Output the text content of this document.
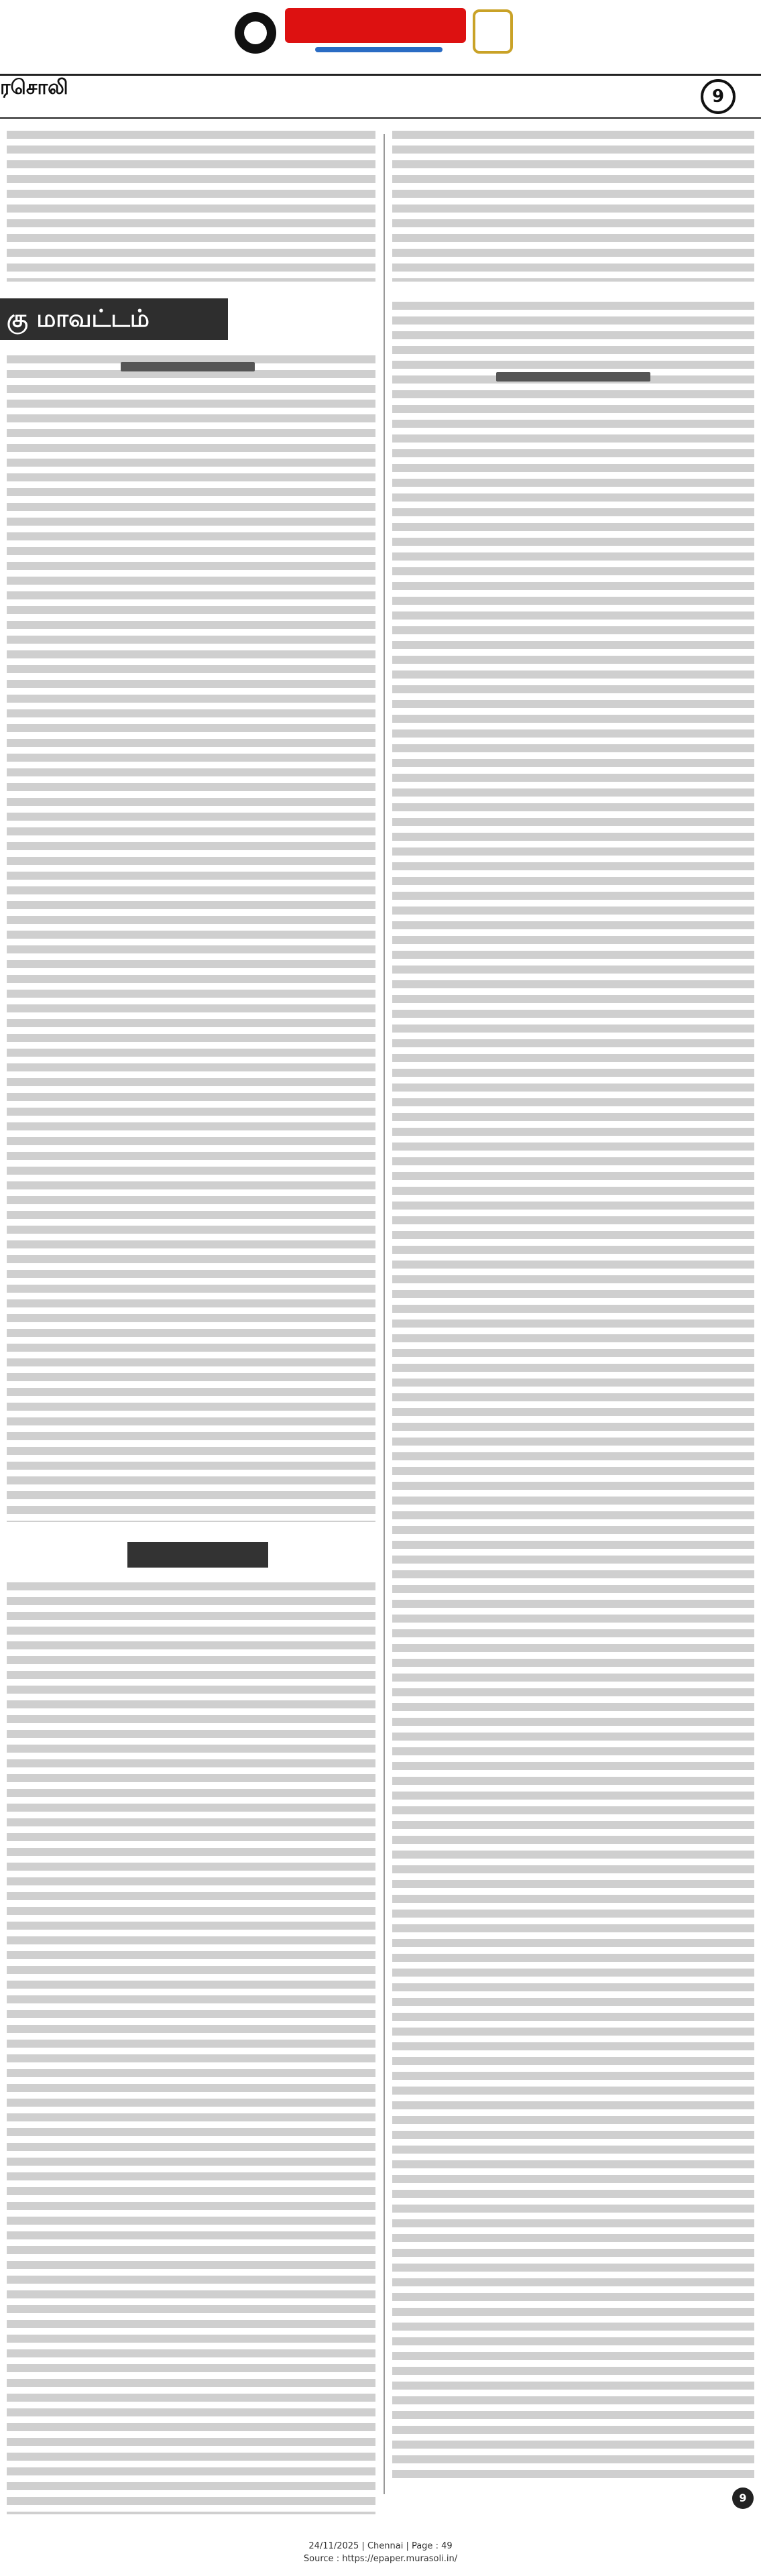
ரசொலி	9
கு மாவட்டம்
9
24/11/2025 | Chennai | Page : 49
Source : https://epaper.murasoli.in/
